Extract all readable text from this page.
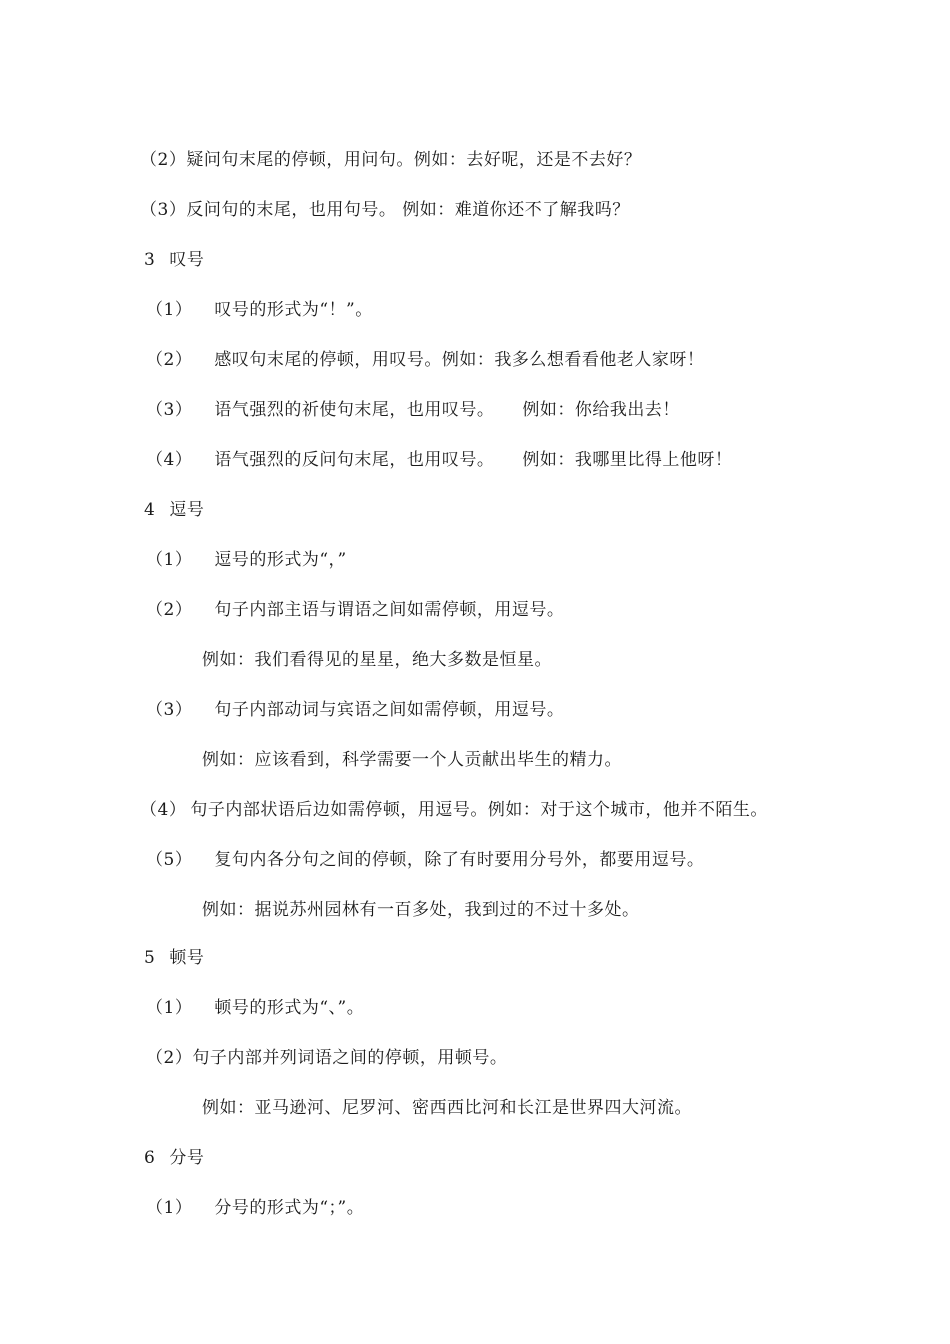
（2）疑问句末尾的停顿，用问句。例如：去好呢，还是不去好？
（3）反问句的末尾，也用句号。 例如：难道你还不了解我吗？
3 叹号
（1） 叹号的形式为“！”。
（2） 感叹句末尾的停顿，用叹号。例如：我多么想看看他老人家呀！
（3） 语气强烈的祈使句末尾，也用叹号。 例如：你给我出去！
（4） 语气强烈的反问句末尾，也用叹号。 例如：我哪里比得上他呀！
4 逗号
（1） 逗号的形式为“，”
（2） 句子内部主语与谓语之间如需停顿，用逗号。
例如：我们看得见的星星，绝大多数是恒星。
（3） 句子内部动词与宾语之间如需停顿，用逗号。
例如：应该看到，科学需要一个人贡献出毕生的精力。
（4） 句子内部状语后边如需停顿，用逗号。例如：对于这个城市，他并不陌生。
（5） 复句内各分句之间的停顿，除了有时要用分号外，都要用逗号。
例如：据说苏州园林有一百多处，我到过的不过十多处。
5 顿号
（1） 顿号的形式为“、”。
（2）句子内部并列词语之间的停顿，用顿号。
例如：亚马逊河、尼罗河、密西西比河和长江是世界四大河流。
6 分号
（1） 分号的形式为“；”。
